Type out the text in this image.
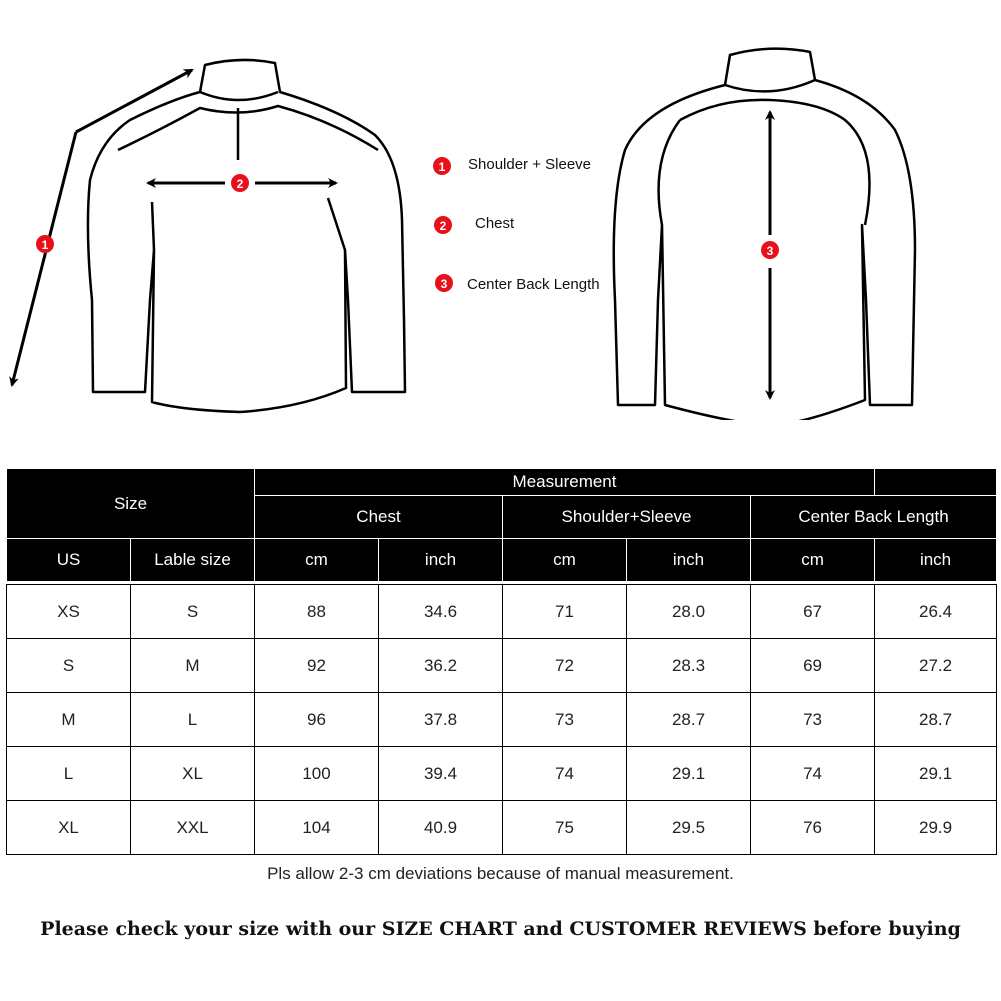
1
2
3
1
2
3
Shoulder + Sleeve
Chest
Center Back Length
Size		Measurement					
		Chest		Shoulder+Sleeve		Center Back Length	
US	Lable size	cm	inch	cm	inch	cm	inch

XS	S	88	34.6	71	28.0	67	26.4
S	M	92	36.2	72	28.3	69	27.2
M	L	96	37.8	73	28.7	73	28.7
L	XL	100	39.4	74	29.1	74	29.1
XL	XXL	104	40.9	75	29.5	76	29.9
Pls allow 2-3 cm deviations because of manual measurement.
Please check your size with our SIZE CHART and CUSTOMER REVIEWS before buying
